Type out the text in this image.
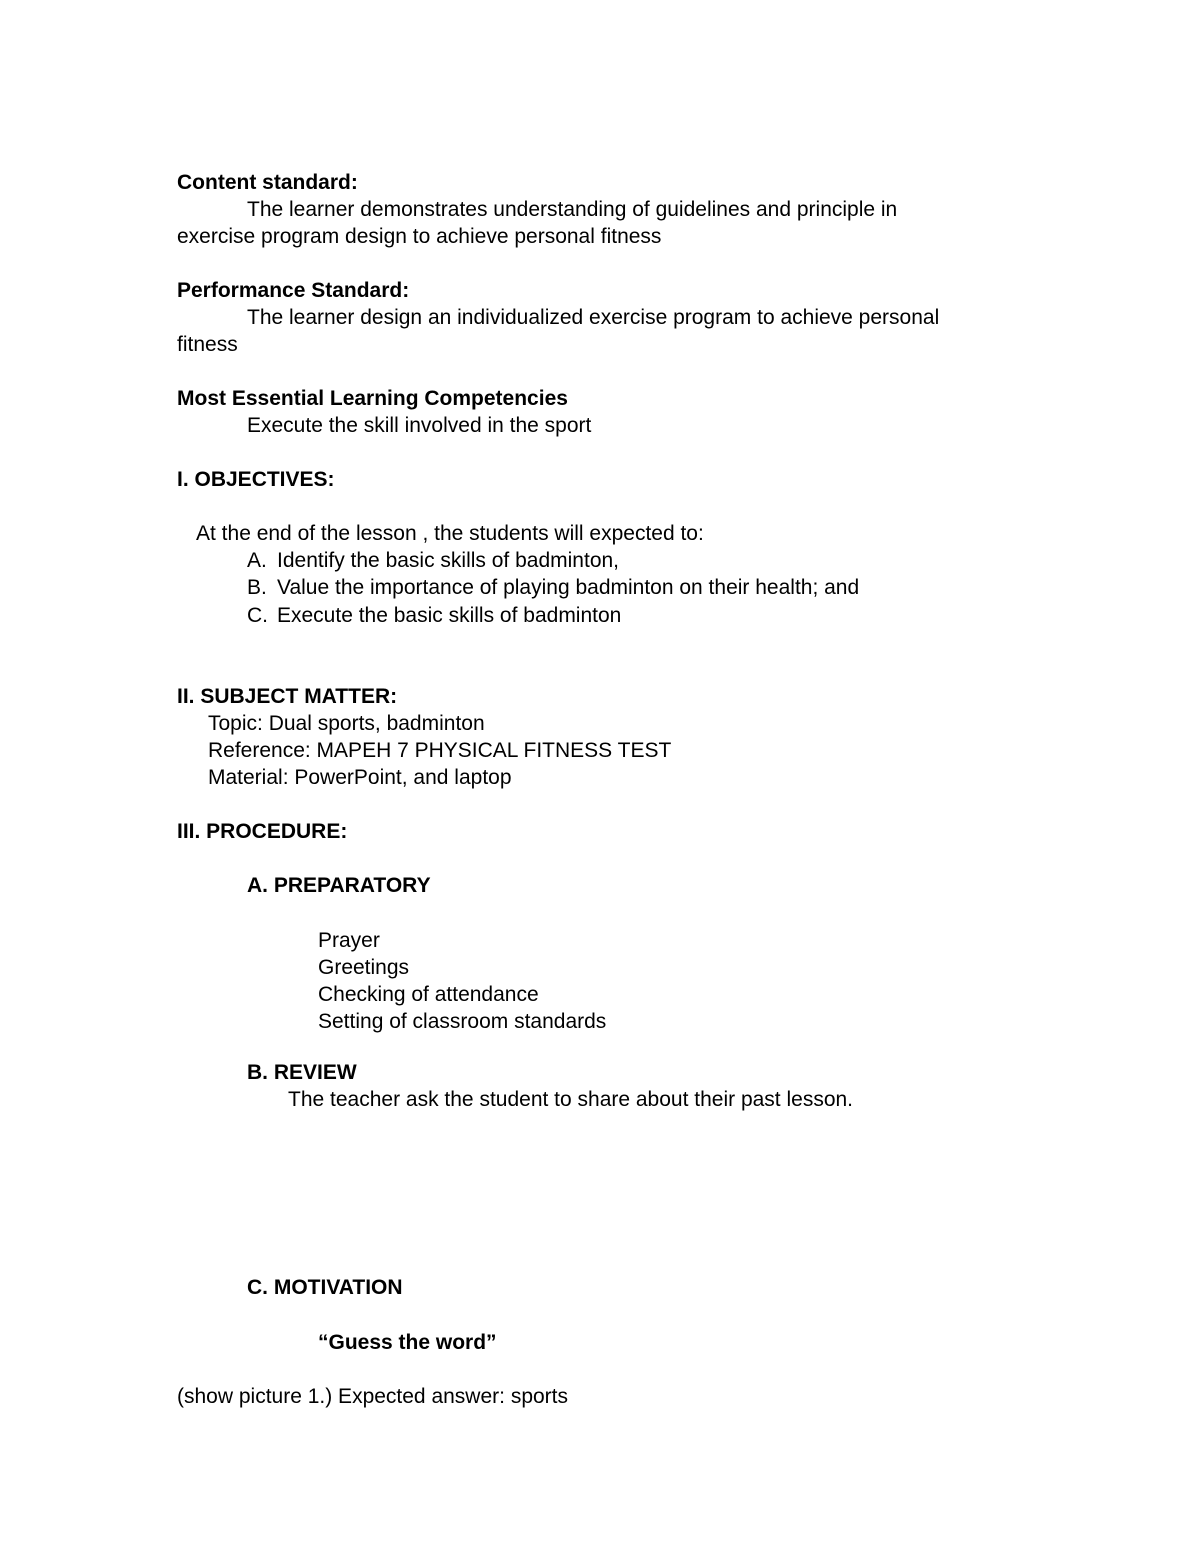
Content standard:
The learner demonstrates understanding of guidelines and principle in
exercise program design to achieve personal fitness
Performance Standard:
The learner design an individualized exercise program to achieve personal
fitness
Most Essential Learning Competencies
Execute the skill involved in the sport
I. OBJECTIVES:
At the end of the lesson , the students will expected to:
A. Identify the basic skills of badminton,
B. Value the importance of playing badminton on their health; and
C. Execute the basic skills of badminton
II. SUBJECT MATTER:
Topic: Dual sports, badminton
Reference: MAPEH 7 PHYSICAL FITNESS TEST
Material: PowerPoint, and laptop
III. PROCEDURE:
A. PREPARATORY
Prayer
Greetings
Checking of attendance
Setting of classroom standards
B. REVIEW
The teacher ask the student to share about their past lesson.
C. MOTIVATION
“Guess the word”
(show picture 1.) Expected answer: sports
